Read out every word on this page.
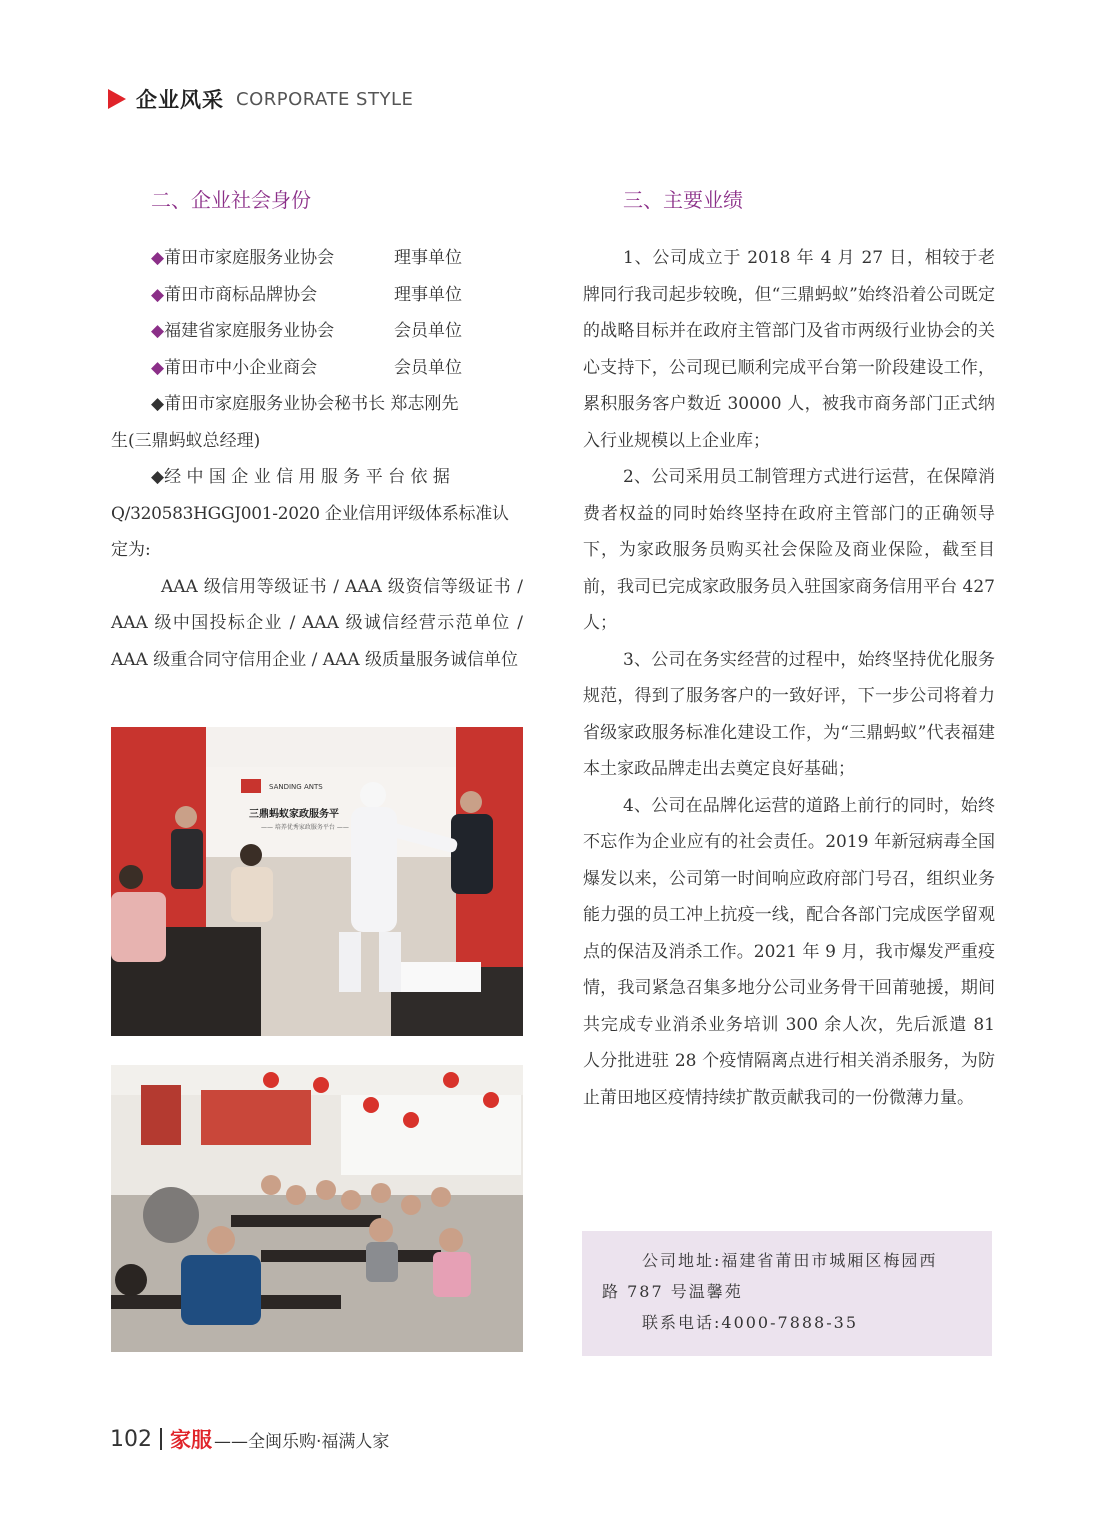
企业风采 CORPORATE STYLE
二、企业社会身份

◆莆田市家庭服务业协会	理事单位

◆莆田市商标品牌协会	理事单位

◆福建省家庭服务业协会	会员单位

◆莆田市中小企业商会	会员单位

◆莆田市家庭服务业协会秘书长 郑志刚先

生(三鼎蚂蚁总经理)

◆经 中 国 企 业 信 用 服 务 平 台 依 据

Q/320583HGGJ001-2020 企业信用评级体系标准认

定为:

AAA 级信用等级证书 / AAA 级资信等级证书 / AAA 级中国投标企业 / AAA 级诚信经营示范单位 / AAA 级重合同守信用企业 / AAA 级质量服务诚信单位

SANDING ANTS
三鼎蚂蚁家政服务平
—— 培养优秀家政服务平台 ——
三、主要业绩

1、公司成立于 2018 年 4 月 27 日，相较于老牌同行我司起步较晚，但“三鼎蚂蚁”始终沿着公司既定的战略目标并在政府主管部门及省市两级行业协会的关心支持下，公司现已顺利完成平台第一阶段建设工作，累积服务客户数近 30000 人，被我市商务部门正式纳入行业规模以上企业库；

2、公司采用员工制管理方式进行运营，在保障消费者权益的同时始终坚持在政府主管部门的正确领导下，为家政服务员购买社会保险及商业保险，截至目前，我司已完成家政服务员入驻国家商务信用平台 427 人；

3、公司在务实经营的过程中，始终坚持优化服务规范，得到了服务客户的一致好评，下一步公司将着力省级家政服务标准化建设工作，为“三鼎蚂蚁”代表福建本土家政品牌走出去奠定良好基础；

4、公司在品牌化运营的道路上前行的同时，始终不忘作为企业应有的社会责任。2019 年新冠病毒全国爆发以来，公司第一时间响应政府部门号召，组织业务能力强的员工冲上抗疫一线，配合各部门完成医学留观点的保洁及消杀工作。2021 年 9 月，我市爆发严重疫情，我司紧急召集多地分公司业务骨干回莆驰援，期间共完成专业消杀业务培训 300 余人次，先后派遣 81 人分批进驻 28 个疫情隔离点进行相关消杀服务，为防止莆田地区疫情持续扩散贡献我司的一份微薄力量。

公司地址:福建省莆田市城厢区梅园西
路 787 号温馨苑
联系电话:4000-7888-35
102 家服 ——全闽乐购·福满人家
